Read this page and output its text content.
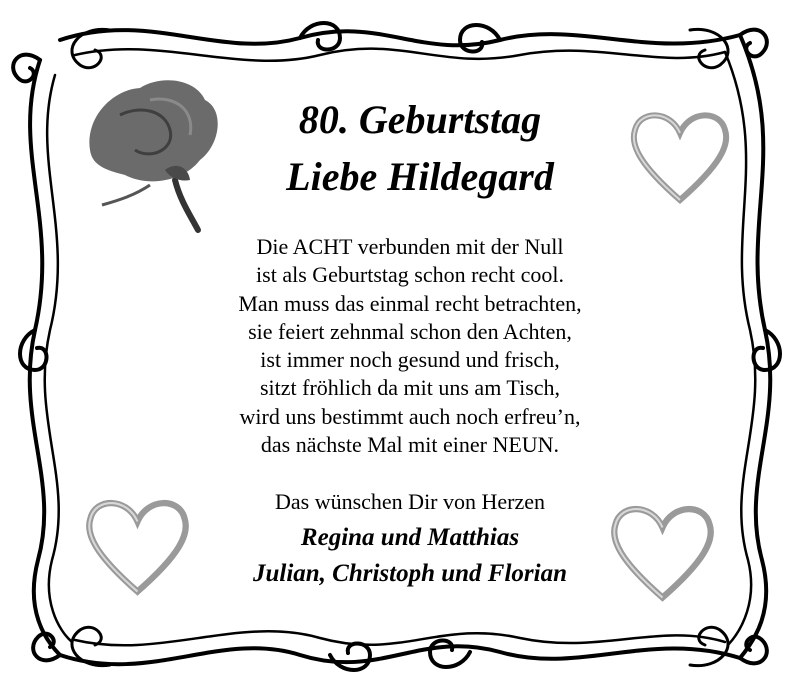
80. Geburtstag
Liebe Hildegard
Die ACHT verbunden mit der Null
ist als Geburtstag schon recht cool.
Man muss das einmal recht betrachten,
sie feiert zehnmal schon den Achten,
ist immer noch gesund und frisch,
sitzt fröhlich da mit uns am Tisch,
wird uns bestimmt auch noch erfreu’n,
das nächste Mal mit einer NEUN.
Das wünschen Dir von Herzen
Regina und Matthias
Julian, Christoph und Florian
